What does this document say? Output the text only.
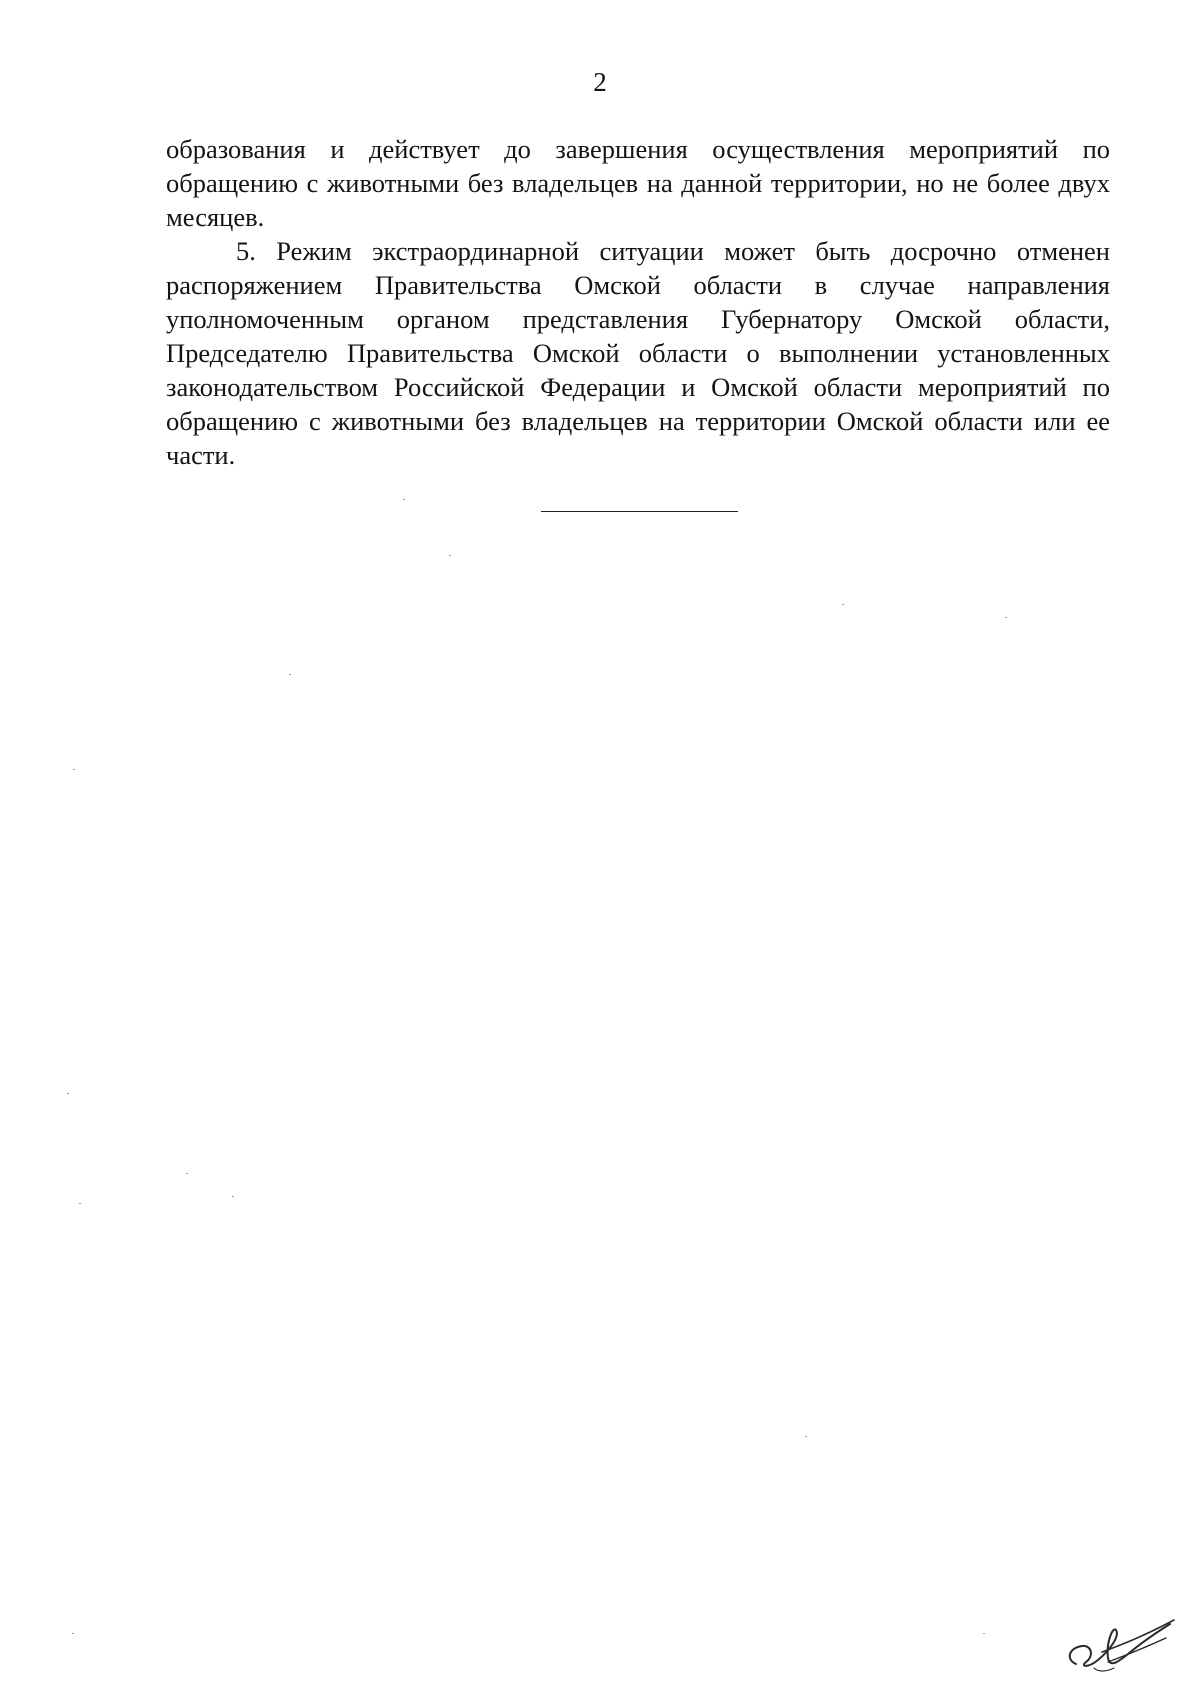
2

образования и действует до завершения осуществления мероприятий по обращению с животными без владельцев на данной территории, но не более двух месяцев.

5. Режим экстраординарной ситуации может быть досрочно отменен распоряжением Правительства Омской области в случае направления уполномоченным органом представления Губернатору Омской области, Председателю Правительства Омской области о выполнении установленных законодательством Российской Федерации и Омской области мероприятий по обращению с животными без владельцев на территории Омской области или ее части.
